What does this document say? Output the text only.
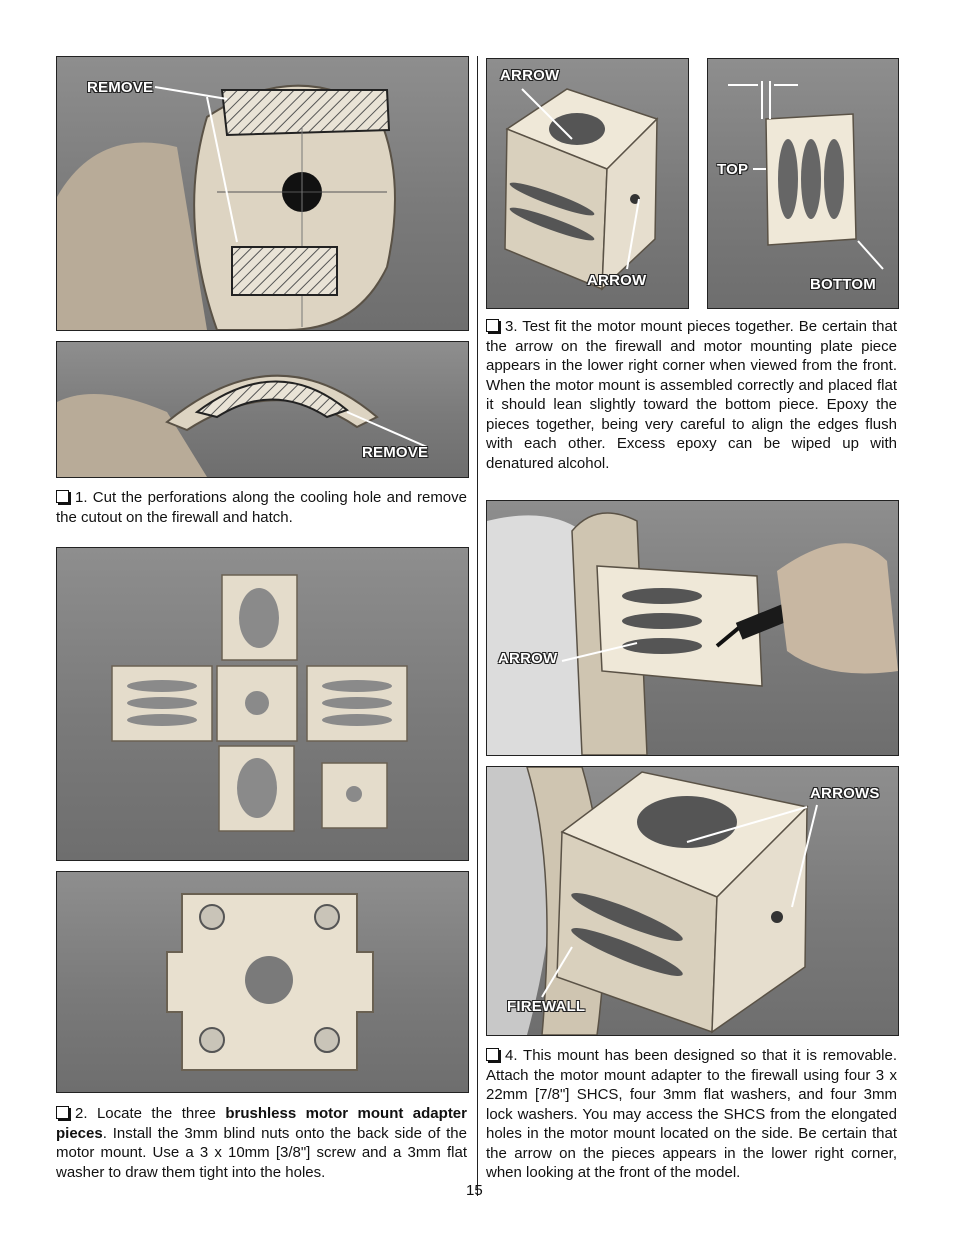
REMOVE
REMOVE
1. Cut the perforations along the cooling hole and remove the cutout on the firewall and hatch.
2. Locate the three brushless motor mount adapter pieces. Install the 3mm blind nuts onto the back side of the motor mount. Use a 3 x 10mm [3/8"] screw and a 3mm flat washer to draw them tight into the holes.
ARROW
ARROW
TOP
BOTTOM
3. Test fit the motor mount pieces together. Be certain that the arrow on the firewall and motor mounting plate piece appears in the lower right corner when viewed from the front. When the motor mount is assembled correctly and placed flat it should lean slightly toward the bottom piece. Epoxy the pieces together, being very careful to align the edges flush with each other. Excess epoxy can be wiped up with denatured alcohol.
ARROW
ARROWS
FIREWALL
4. This mount has been designed so that it is removable. Attach the motor mount adapter to the firewall using four 3 x 22mm [7/8"] SHCS, four 3mm flat washers, and four 3mm lock washers. You may access the SHCS from the elongated holes in the motor mount located on the side. Be certain that the arrow on the pieces appears in the lower right corner, when looking at the front of the model.
15
